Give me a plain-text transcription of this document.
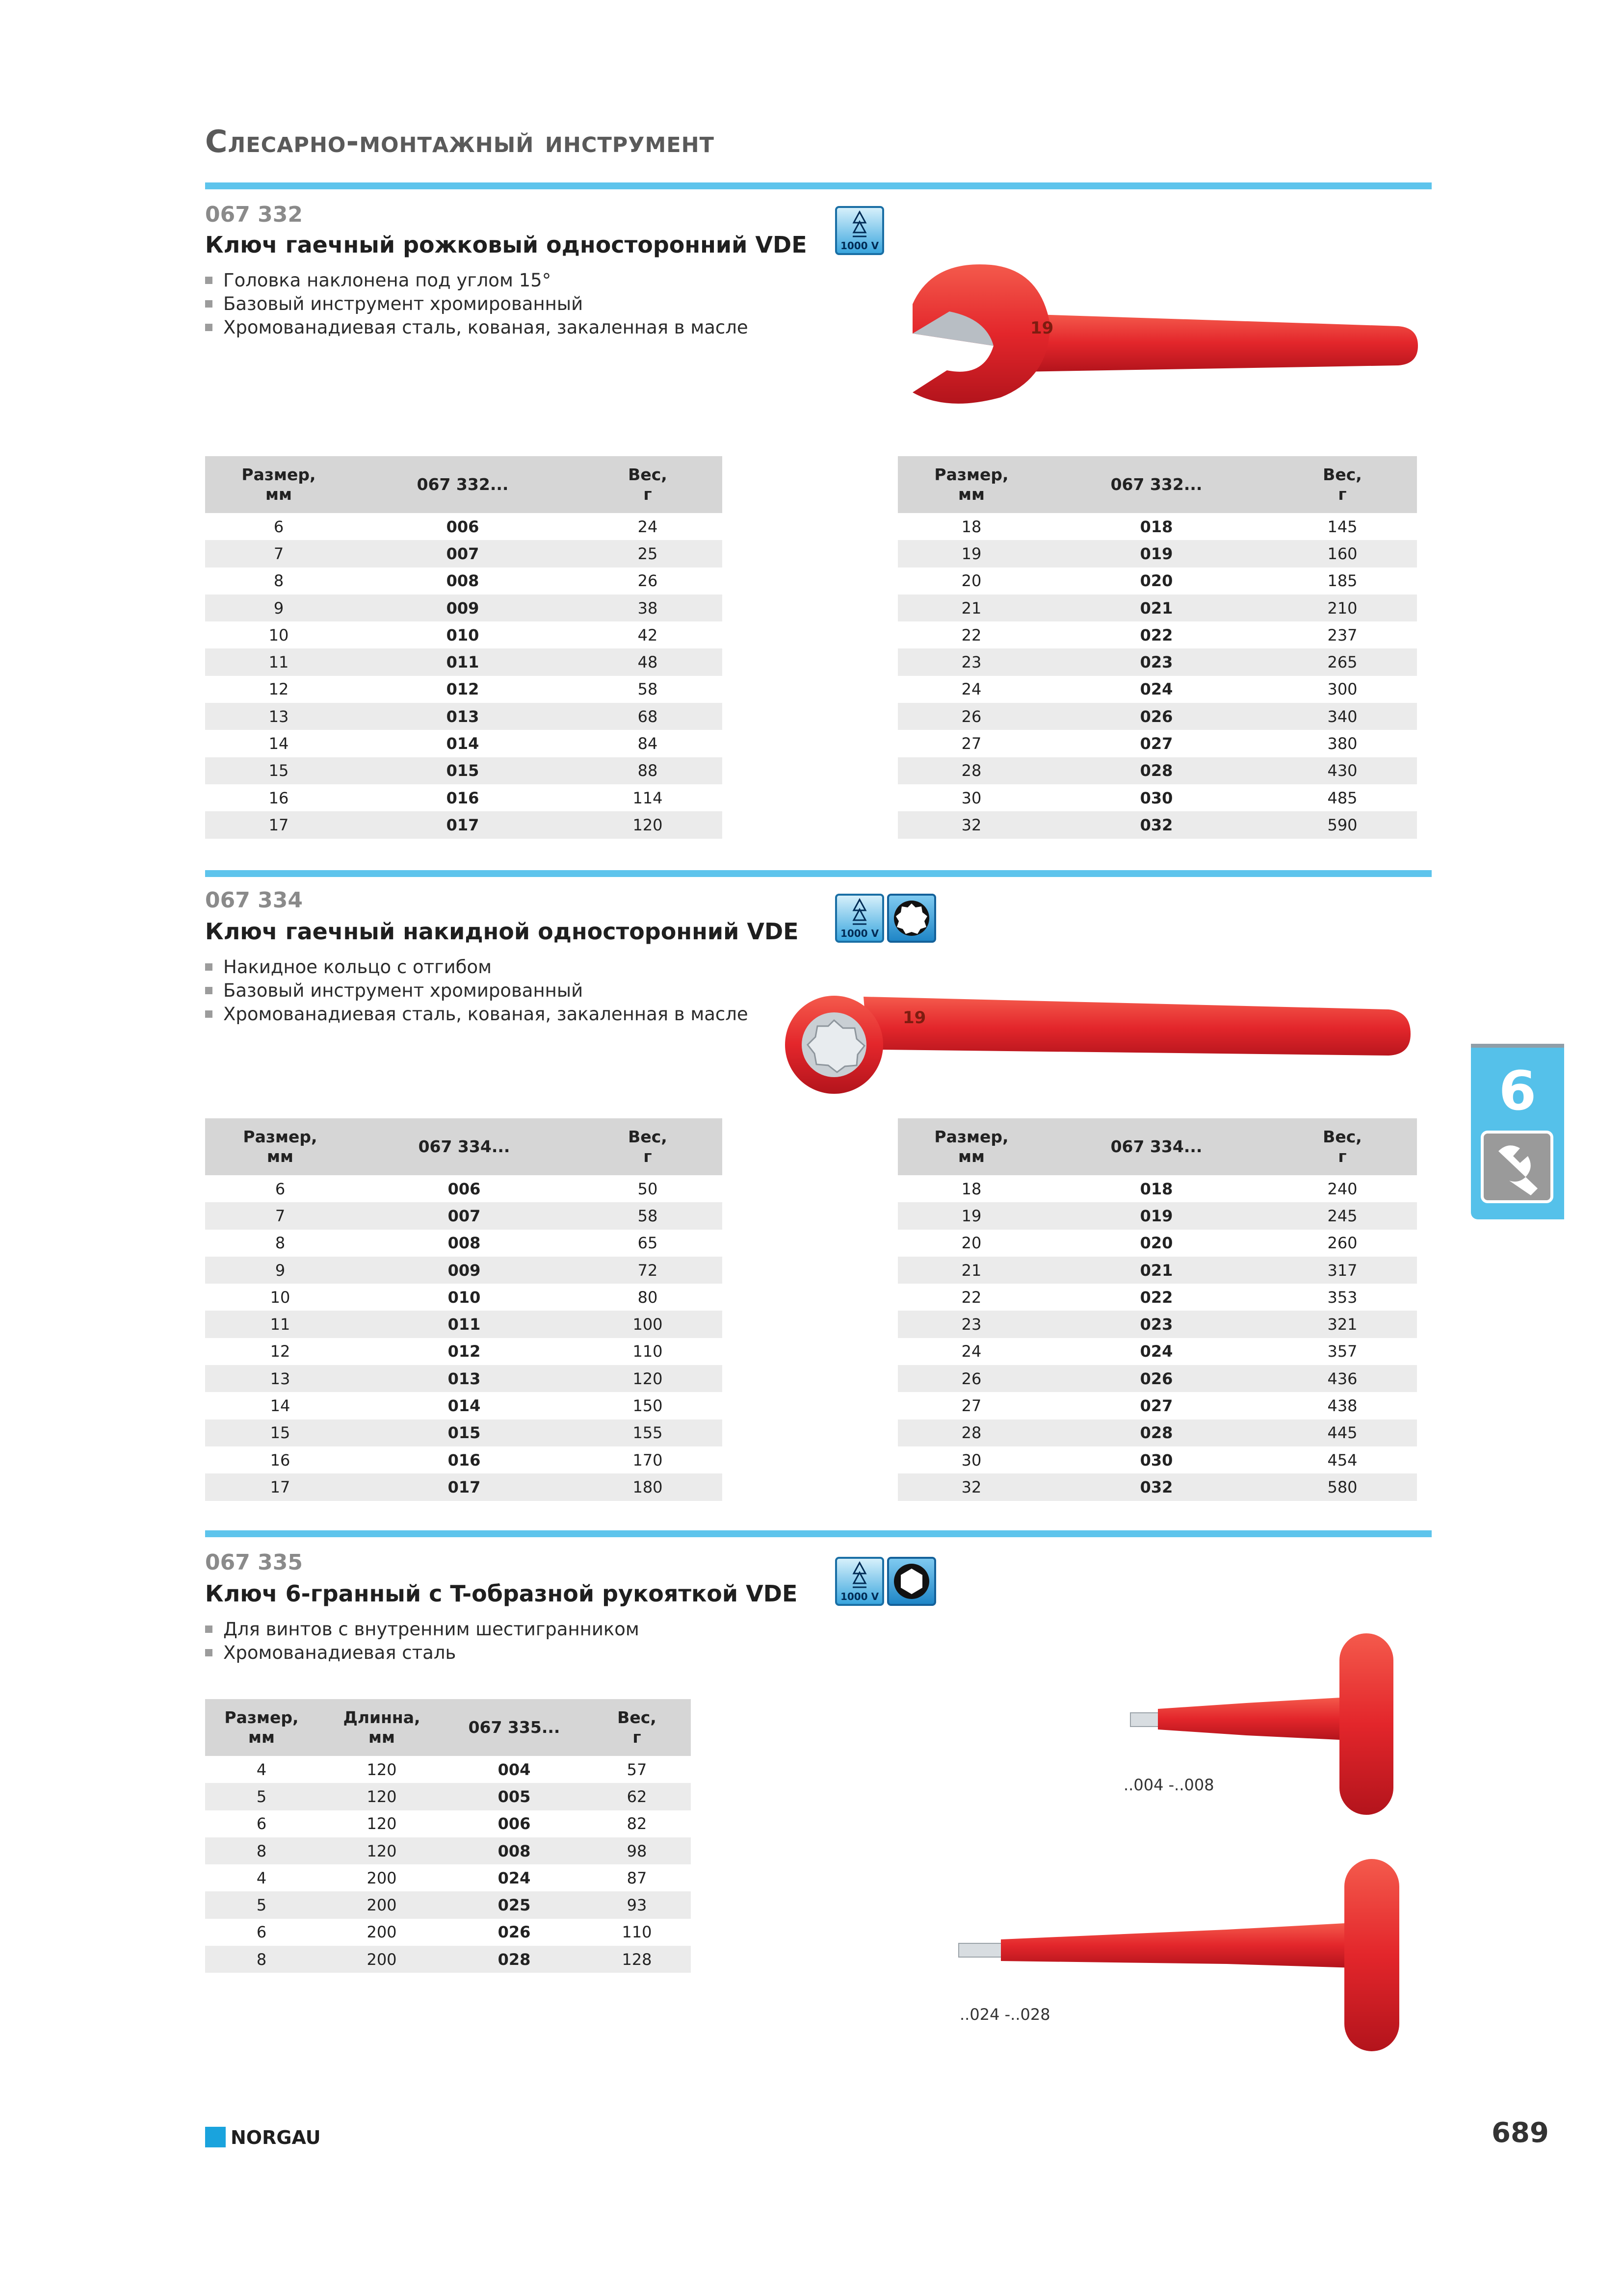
Слесарно-монтажный инструмент
067 332
Ключ гаечный рожковый односторонний VDE
Головка наклонена под углом 15°
Базовый инструмент хромированный
Хромованадиевая сталь, кованая, закаленная в масле
1000 V
19
Размер,
мм	067 332...	Вес,
г
6	006	24
7	007	25
8	008	26
9	009	38
10	010	42
11	011	48
12	012	58
13	013	68
14	014	84
15	015	88
16	016	114
17	017	120
Размер,
мм	067 332...	Вес,
г
18	018	145
19	019	160
20	020	185
21	021	210
22	022	237
23	023	265
24	024	300
26	026	340
27	027	380
28	028	430
30	030	485
32	032	590
067 334
Ключ гаечный накидной односторонний VDE
Накидное кольцо с отгибом
Базовый инструмент хромированный
Хромованадиевая сталь, кованая, закаленная в масле
1000 V
19
Размер,
мм	067 334...	Вес,
г
6	006	50
7	007	58
8	008	65
9	009	72
10	010	80
11	011	100
12	012	110
13	013	120
14	014	150
15	015	155
16	016	170
17	017	180
Размер,
мм	067 334...	Вес,
г
18	018	240
19	019	245
20	020	260
21	021	317
22	022	353
23	023	321
24	024	357
26	026	436
27	027	438
28	028	445
30	030	454
32	032	580
067 335
Ключ 6-гранный с T-образной рукояткой VDE
Для винтов с внутренним шестигранником
Хромованадиевая сталь
1000 V
Размер,
мм	Длинна,
мм	067 335...	Вес,
г
4	120	004	57
5	120	005	62
6	120	006	82
8	120	008	98
4	200	024	87
5	200	025	93
6	200	026	110
8	200	028	128
..004 -..008
..024 -..028
6
NORGAU	689
